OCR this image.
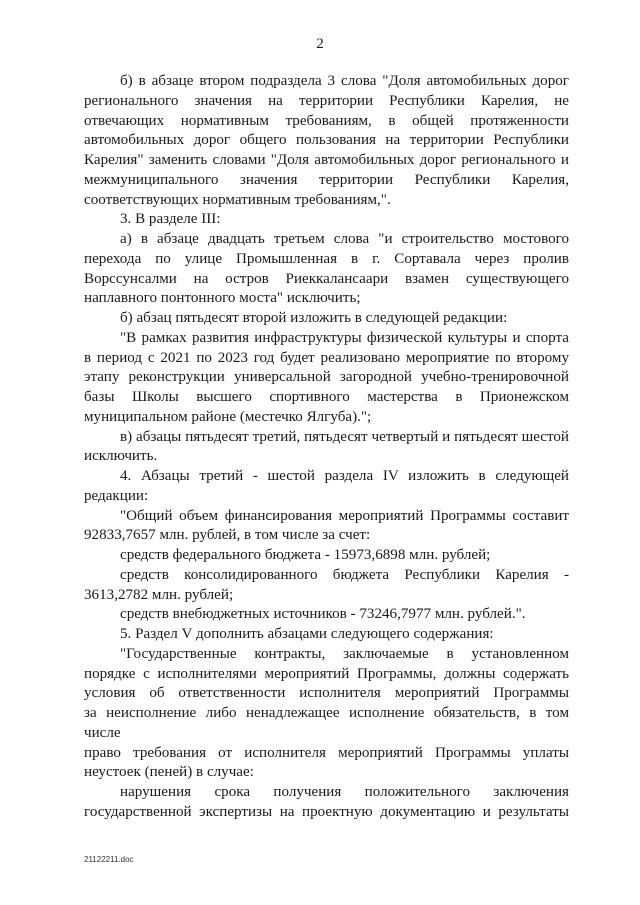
2
б) в абзаце втором подраздела 3 слова "Доля автомобильных дорог
регионального значения на территории Республики Карелия, не
отвечающих нормативным требованиям, в общей протяженности
автомобильных дорог общего пользования на территории Республики
Карелия" заменить словами "Доля автомобильных дорог регионального и
межмуниципального значения территории Республики Карелия,
соответствующих нормативным требованиям,".
3. В разделе III:
а) в абзаце двадцать третьем слова "и строительство мостового
перехода по улице Промышленная в г. Сортавала через пролив
Ворссунсалми на остров Риеккалансаари взамен существующего
наплавного понтонного моста" исключить;
б) абзац пятьдесят второй изложить в следующей редакции:
"В рамках развития инфраструктуры физической культуры и спорта
в период с 2021 по 2023 год будет реализовано мероприятие по второму
этапу реконструкции универсальной загородной учебно-тренировочной
базы Школы высшего спортивного мастерства в Прионежском
муниципальном районе (местечко Ялгуба).";
в) абзацы пятьдесят третий, пятьдесят четвертый и пятьдесят шестой
исключить.
4. Абзацы третий - шестой раздела IV изложить в следующей
редакции:
"Общий объем финансирования мероприятий Программы составит
92833,7657 млн. рублей, в том числе за счет:
средств федерального бюджета - 15973,6898 млн. рублей;
средств консолидированного бюджета Республики Карелия -
3613,2782 млн. рублей;
средств внебюджетных источников - 73246,7977 млн. рублей.".
5. Раздел V дополнить абзацами следующего содержания:
"Государственные контракты, заключаемые в установленном
порядке с исполнителями мероприятий Программы, должны содержать
условия об ответственности исполнителя мероприятий Программы
за неисполнение либо ненадлежащее исполнение обязательств, в том числе
право требования от исполнителя мероприятий Программы уплаты
неустоек (пеней) в случае:
нарушения срока получения положительного заключения
государственной экспертизы на проектную документацию и результаты
21122211.doc
